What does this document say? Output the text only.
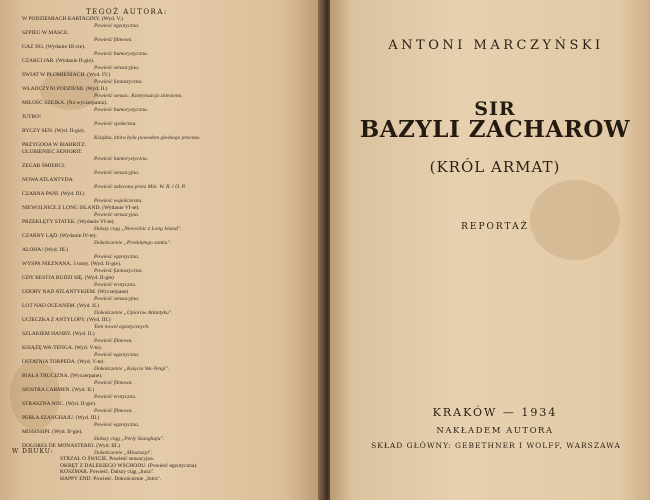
TEGOŻ AUTORA:
W PODZIEMIACH KARTAGINY. (Wyd. V.)
Powieść egzotyczna.
SZPIEG W MASCE.
Powieść filmowa.
GAZ 303. (Wydanie III-cie).
Powieść humorystyczna.
CZARCI JAR. (Wydanie II-gie).
Powieść sensacyjna.
ŚWIAT W PŁOMIENIACH. (Wyd. IV.)
Powieść fantastyczna.
WŁADCZYNI PODZIEMI. (Wyd. II.)
Powieść sensac. Kontynuacja zniesiona.
MIŁOŚĆ SZEJKA. (Na wyczerpaniu).
Powieść humorystyczna.
JUTRO!
Powieść społeczna.
RYCZY SEN. (Wyd. II-gie).
Książka, która była powodem głośnego procesu.
PRZYGODA W BIARRITZ.
ULUBIENIEC SENIORIT.
Powieść humorystyczna.
ZEGAR ŚMIERCI.
Powieść sensacyjna.
NOWA ATLANTYDA.
Powieść zalecona przez Min. W. R. i O. P.
CZARNA PANI. (Wyd. III.)
Powieść współczesna.
NIEWOLNICE Z LONG ISLAND. (Wydanie VI-te).
Powieść sensacyjna.
PRZEKLĘTY STATEK. (Wydanie VI-te).
Dalszy ciąg „Niewolnic z Long Island".
CZARNY LĄD. (Wydanie IV-te).
Dokończenie „Przeklętego statku".
ALOHA! (Wyd. III.)
Powieść egzotyczna.
WYSPA NIEZNANA. 3 tomy. (Wyd. II-gie).
Powieść fantastyczna.
GDY BESTJA BUDZI SIĘ. (Wyd. II-gie)
Powieść erotyczna.
UDORY NAD ATLANTYKIEM. (Wyczerpane)
Powieść sensacyjna.
LOT NAD OCEANEM. (Wyd. II.)
Dokończenie „Upiorów Atlantyku".
UCIECZKA Z ANTYLOPY. (Wyd. III.)
Tom nowel egzotycznych.
SZLAKIEM HANBY. (Wyd. II.)
Powieść filmowa.
KSIĄŻĘ WA-TENGA. (Wyd. V-te).
Powieść egzotyczna.
OSTATNIA TORPEDA. (Wyd. V-te).
Dokończenie „Księcia Wa-Tengi".
BIAŁA TRUCIZNA. (Wyczerpane).
Powieść filmowa.
SIOSTRA CARMEN. (Wyd. II.)
Powieść erotyczna.
STRASZNA NOC. (Wyd. II-gie).
Powieść filmowa.
PERŁA SZANGHAJU. (Wyd. III.)
Powieść egzotyczna.
MISSISSIPI. (Wyd. II-gie).
Dalszy ciąg „Perły Szanghaju".
DOLORES DE MONASTERIO. (Wyd. III.)
Dokończenie „Mississipi".
W DRUKU:
STRZAŁ O ŚWICIE. Powieść sensacyjna.
OKRĘT Z DALEKIEGO WSCHODU. (Powieść egzotyczna).
KOSZMAR. Powieść. Dalszy ciąg „Intra".
HAPPY END. Powieść. Dokończenie „Intra".
ANTONI MARCZYŃSKI
SIR
BAZYLI ZACHAROW
(KRÓL ARMAT)
REPORTAŻ
KRAKÓW — 1934
NAKŁADEM AUTORA
SKŁAD GŁÓWNY: GEBETHNER I WOLFF, WARSZAWA
